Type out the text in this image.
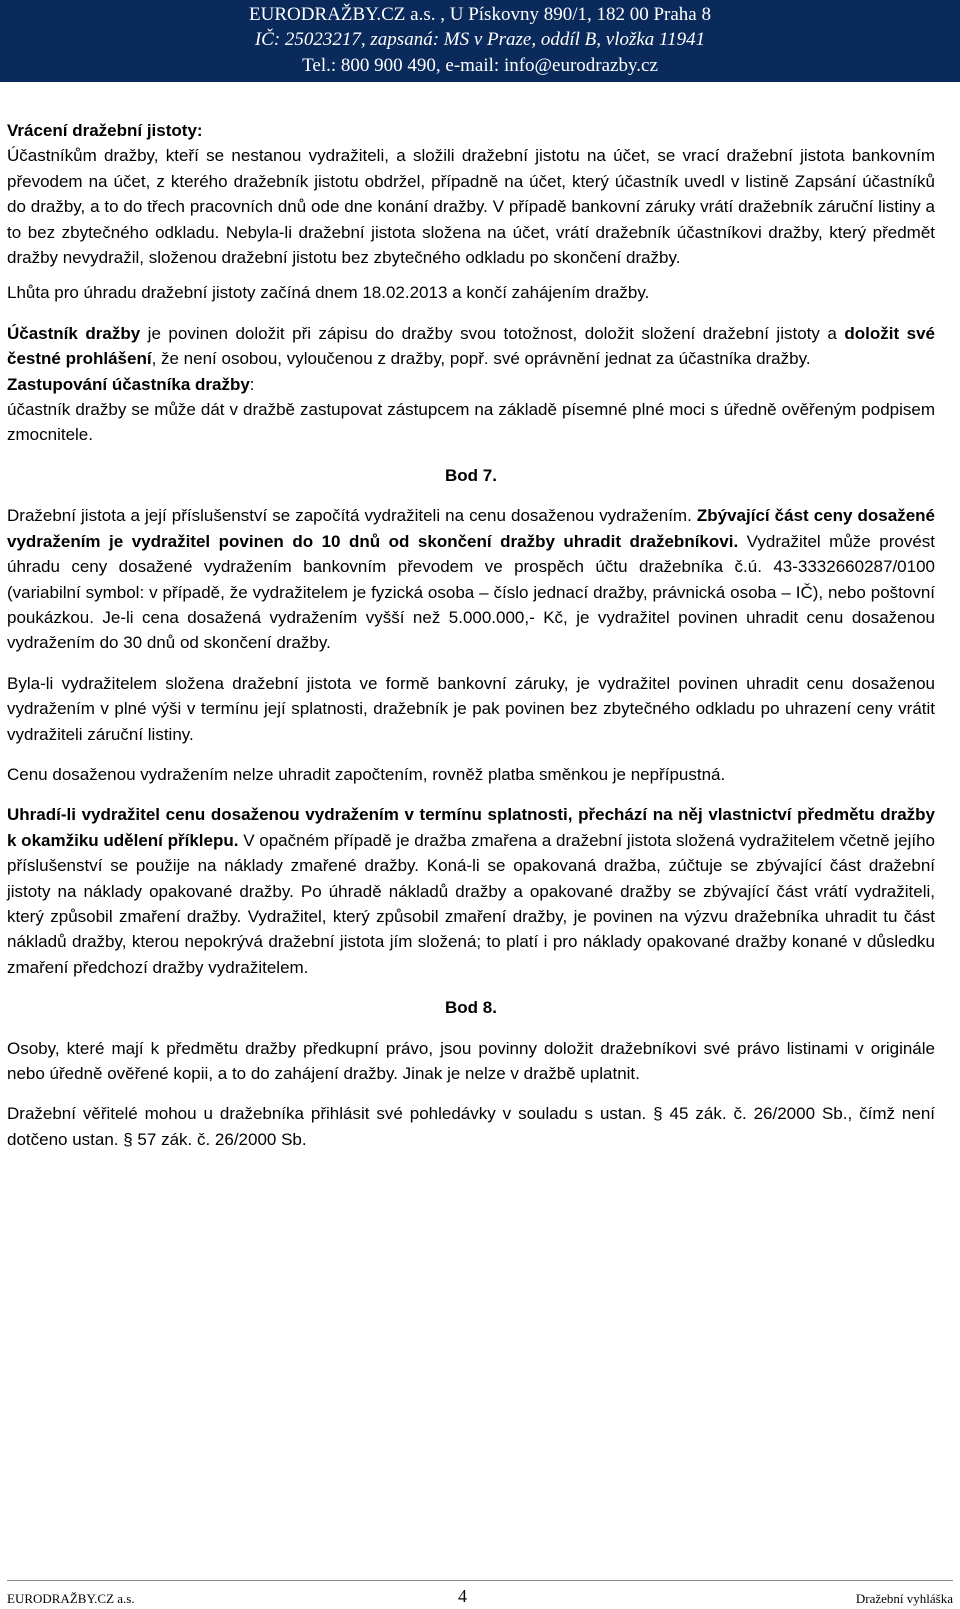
EURODRAŽBY.CZ a.s. , U Pískovny 890/1, 182 00 Praha 8
IČ: 25023217, zapsaná: MS v Praze, oddíl B, vložka 11941
Tel.: 800 900 490, e-mail: info@eurodrazby.cz

Vrácení dražební jistoty:

Účastníkům dražby, kteří se nestanou vydražiteli, a složili dražební jistotu na účet, se vrací dražební jistota bankovním převodem na účet, z kterého dražebník jistotu obdržel, případně na účet, který účastník uvedl v listině Zapsání účastníků do dražby, a to do třech pracovních dnů ode dne konání dražby. V případě bankovní záruky vrátí dražebník záruční listiny a to bez zbytečného odkladu. Nebyla-li dražební jistota složena na účet, vrátí dražebník účastníkovi dražby, který předmět dražby nevydražil, složenou dražební jistotu bez zbytečného odkladu po skončení dražby.

Lhůta pro úhradu dražební jistoty začíná dnem 18.02.2013 a končí zahájením dražby.

Účastník dražby je povinen doložit při zápisu do dražby svou totožnost, doložit složení dražební jistoty a doložit své čestné prohlášení, že není osobou, vyloučenou z dražby, popř. své oprávnění jednat za účastníka dražby.

Zastupování účastníka dražby:

účastník dražby se může dát v dražbě zastupovat zástupcem na základě písemné plné moci s úředně ověřeným podpisem zmocnitele.

Bod 7.

Dražební jistota a její příslušenství se započítá vydražiteli na cenu dosaženou vydražením. Zbývající část ceny dosažené vydražením je vydražitel povinen do 10 dnů od skončení dražby uhradit dražebníkovi. Vydražitel může provést úhradu ceny dosažené vydražením bankovním převodem ve prospěch účtu dražebníka č.ú. 43-3332660287/0100 (variabilní symbol: v případě, že vydražitelem je fyzická osoba – číslo jednací dražby, právnická osoba – IČ), nebo poštovní poukázkou. Je-li cena dosažená vydražením vyšší než 5.000.000,- Kč, je vydražitel povinen uhradit cenu dosaženou vydražením do 30 dnů od skončení dražby.

Byla-li vydražitelem složena dražební jistota ve formě bankovní záruky, je vydražitel povinen uhradit cenu dosaženou vydražením v plné výši v termínu její splatnosti, dražebník je pak povinen bez zbytečného odkladu po uhrazení ceny vrátit vydražiteli záruční listiny.

Cenu dosaženou vydražením nelze uhradit započtením, rovněž platba směnkou je nepřípustná.

Uhradí-li vydražitel cenu dosaženou vydražením v termínu splatnosti, přechází na něj vlastnictví předmětu dražby k okamžiku udělení příklepu. V opačném případě je dražba zmařena a dražební jistota složená vydražitelem včetně jejího příslušenství se použije na náklady zmařené dražby. Koná-li se opakovaná dražba, zúčtuje se zbývající část dražební jistoty na náklady opakované dražby. Po úhradě nákladů dražby a opakované dražby se zbývající část vrátí vydražiteli, který způsobil zmaření dražby. Vydražitel, který způsobil zmaření dražby, je povinen na výzvu dražebníka uhradit tu část nákladů dražby, kterou nepokrývá dražební jistota jím složená; to platí i pro náklady opakované dražby konané v důsledku zmaření předchozí dražby vydražitelem.

Bod 8.

Osoby, které mají k předmětu dražby předkupní právo, jsou povinny doložit dražebníkovi své právo listinami v originále nebo úředně ověřené kopii, a to do zahájení dražby. Jinak je nelze v dražbě uplatnit.

Dražební věřitelé mohou u dražebníka přihlásit své pohledávky v souladu s ustan. § 45 zák. č. 26/2000 Sb., čímž není dotčeno ustan. § 57 zák. č. 26/2000 Sb.

EURODRAŽBY.CZ a.s.	4	Dražební vyhláška
